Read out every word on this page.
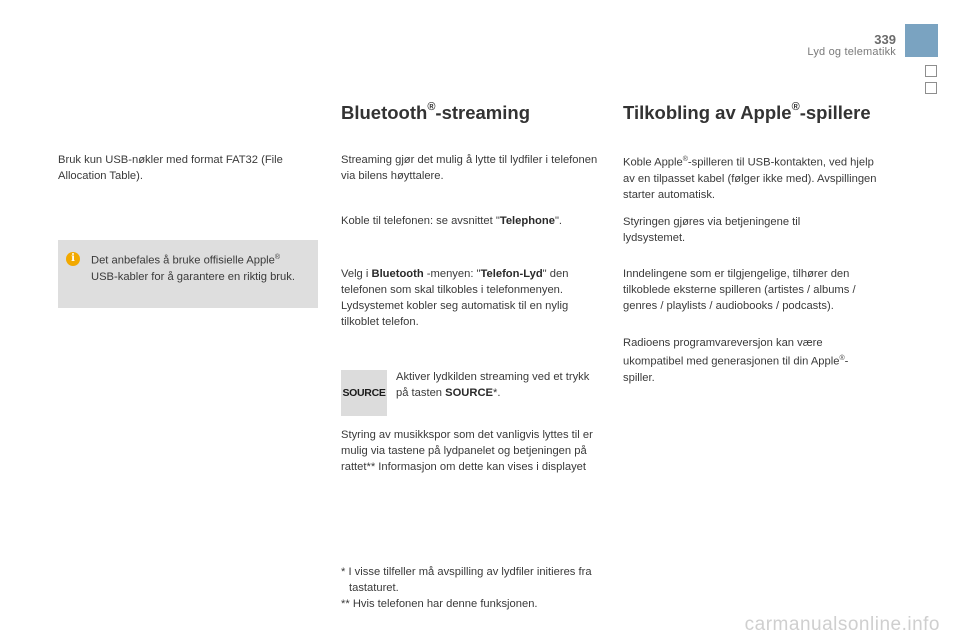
339
Lyd og telematikk

Bruk kun USB-nøkler med format FAT32 (File Allocation Table).

i	Det anbefales å bruke offisielle Apple®
USB-kabler for å garantere en riktig bruk.

Bluetooth®-streaming

Streaming gjør det mulig å lytte til lydfiler i telefonen via bilens høyttalere.

Koble til telefonen: se avsnittet "Telephone".

Velg i Bluetooth -menyen: "Telefon-Lyd" den telefonen som skal tilkobles i telefonmenyen. Lydsystemet kobler seg automatisk til en nylig tilkoblet telefon.

SOURCE

Aktiver lydkilden streaming ved et trykk på tasten SOURCE*.

Styring av musikkspor som det vanligvis lyttes til er mulig via tastene på lydpanelet og betjeningen på rattet** Informasjon om dette kan vises i displayet

* I visse tilfeller må avspilling av lydfiler initieres fra tastaturet.

** Hvis telefonen har denne funksjonen.

Tilkobling av Apple®-spillere

Koble Apple®-spilleren til USB-kontakten, ved hjelp av en tilpasset kabel (følger ikke med). Avspillingen starter automatisk.

Styringen gjøres via betjeningene til lydsystemet.

Inndelingene som er tilgjengelige, tilhører den tilkoblede eksterne spilleren (artistes / albums / genres / playlists / audiobooks / podcasts).

Radioens programvareversjon kan være ukompatibel med generasjonen til din Apple®-spiller.

carmanualsonline.info
